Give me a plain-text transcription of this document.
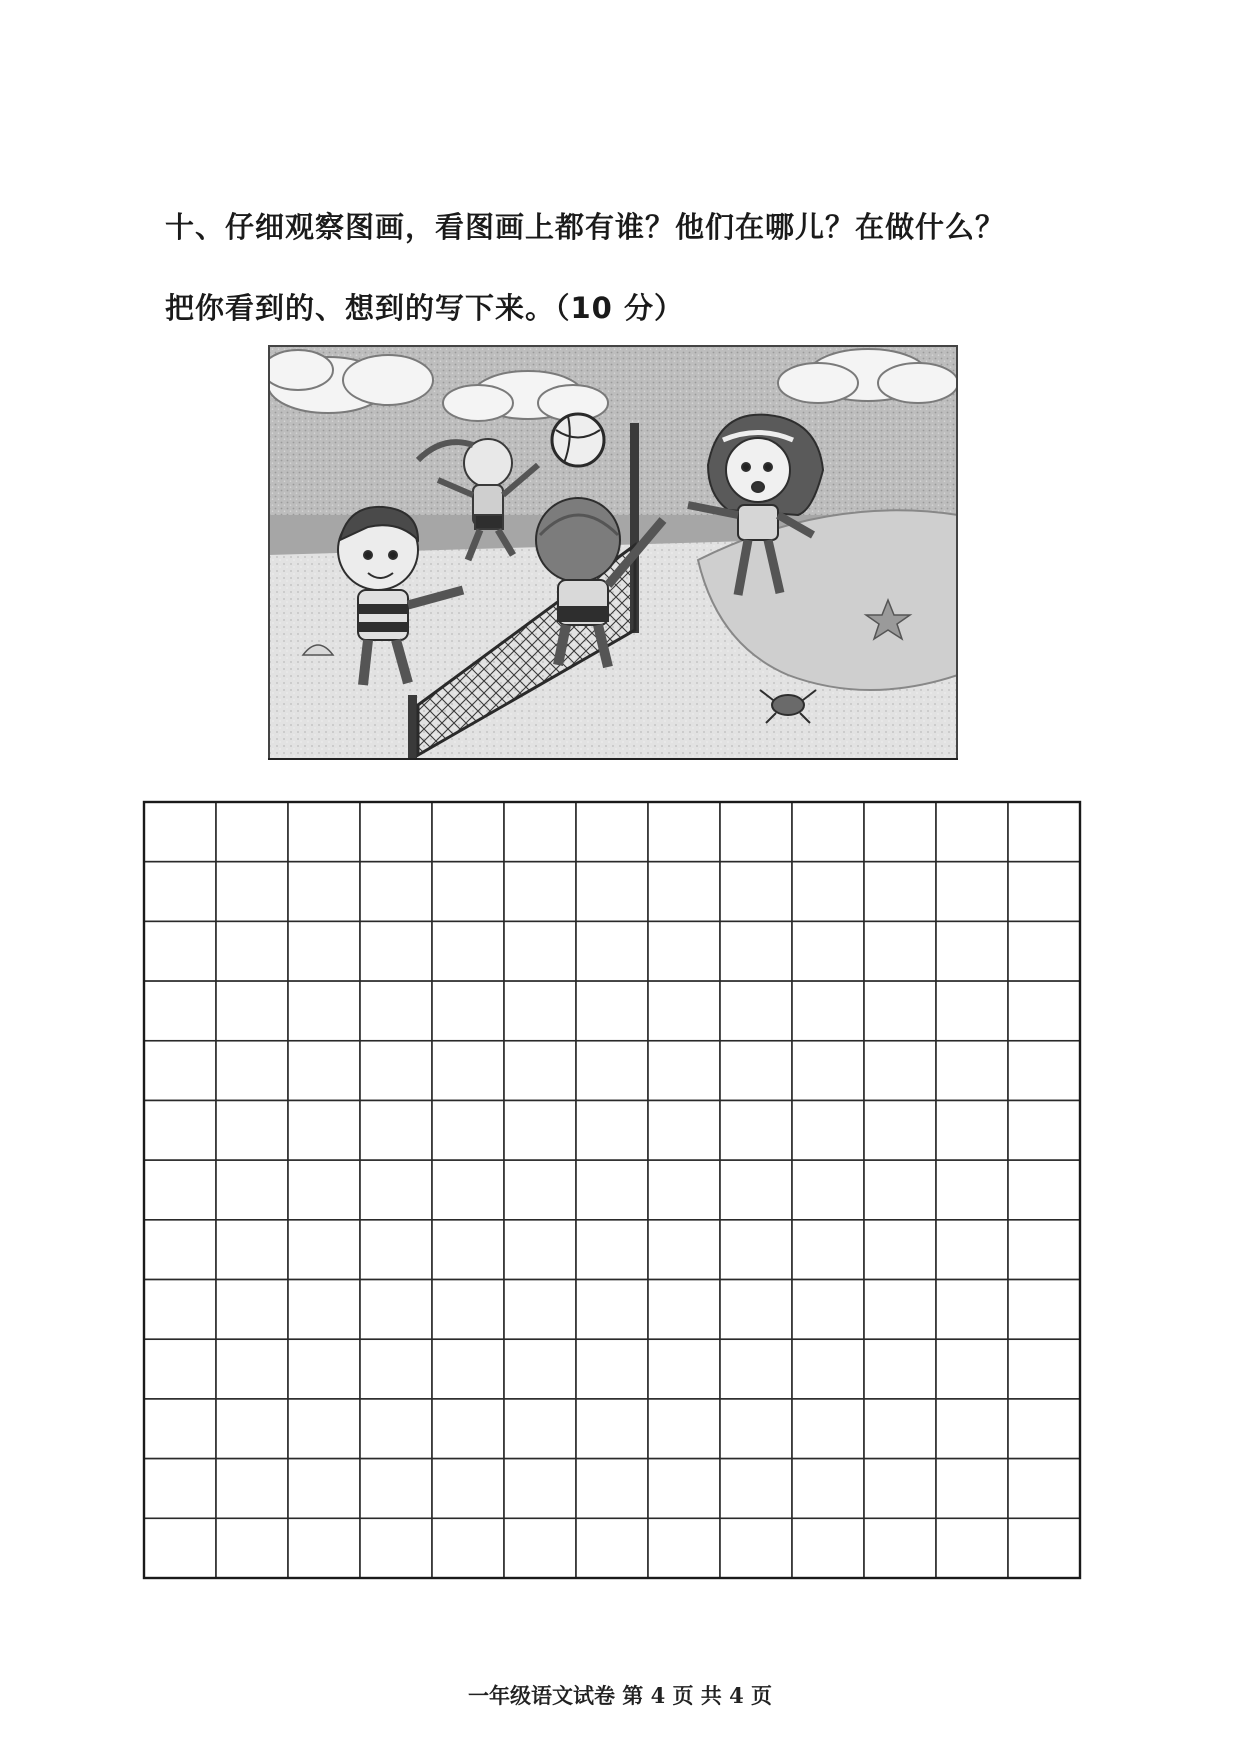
十、仔细观察图画，看图画上都有谁？他们在哪儿？在做什么？
把你看到的、想到的写下来。（10 分）
一年级语文试卷 第 4 页 共 4 页
